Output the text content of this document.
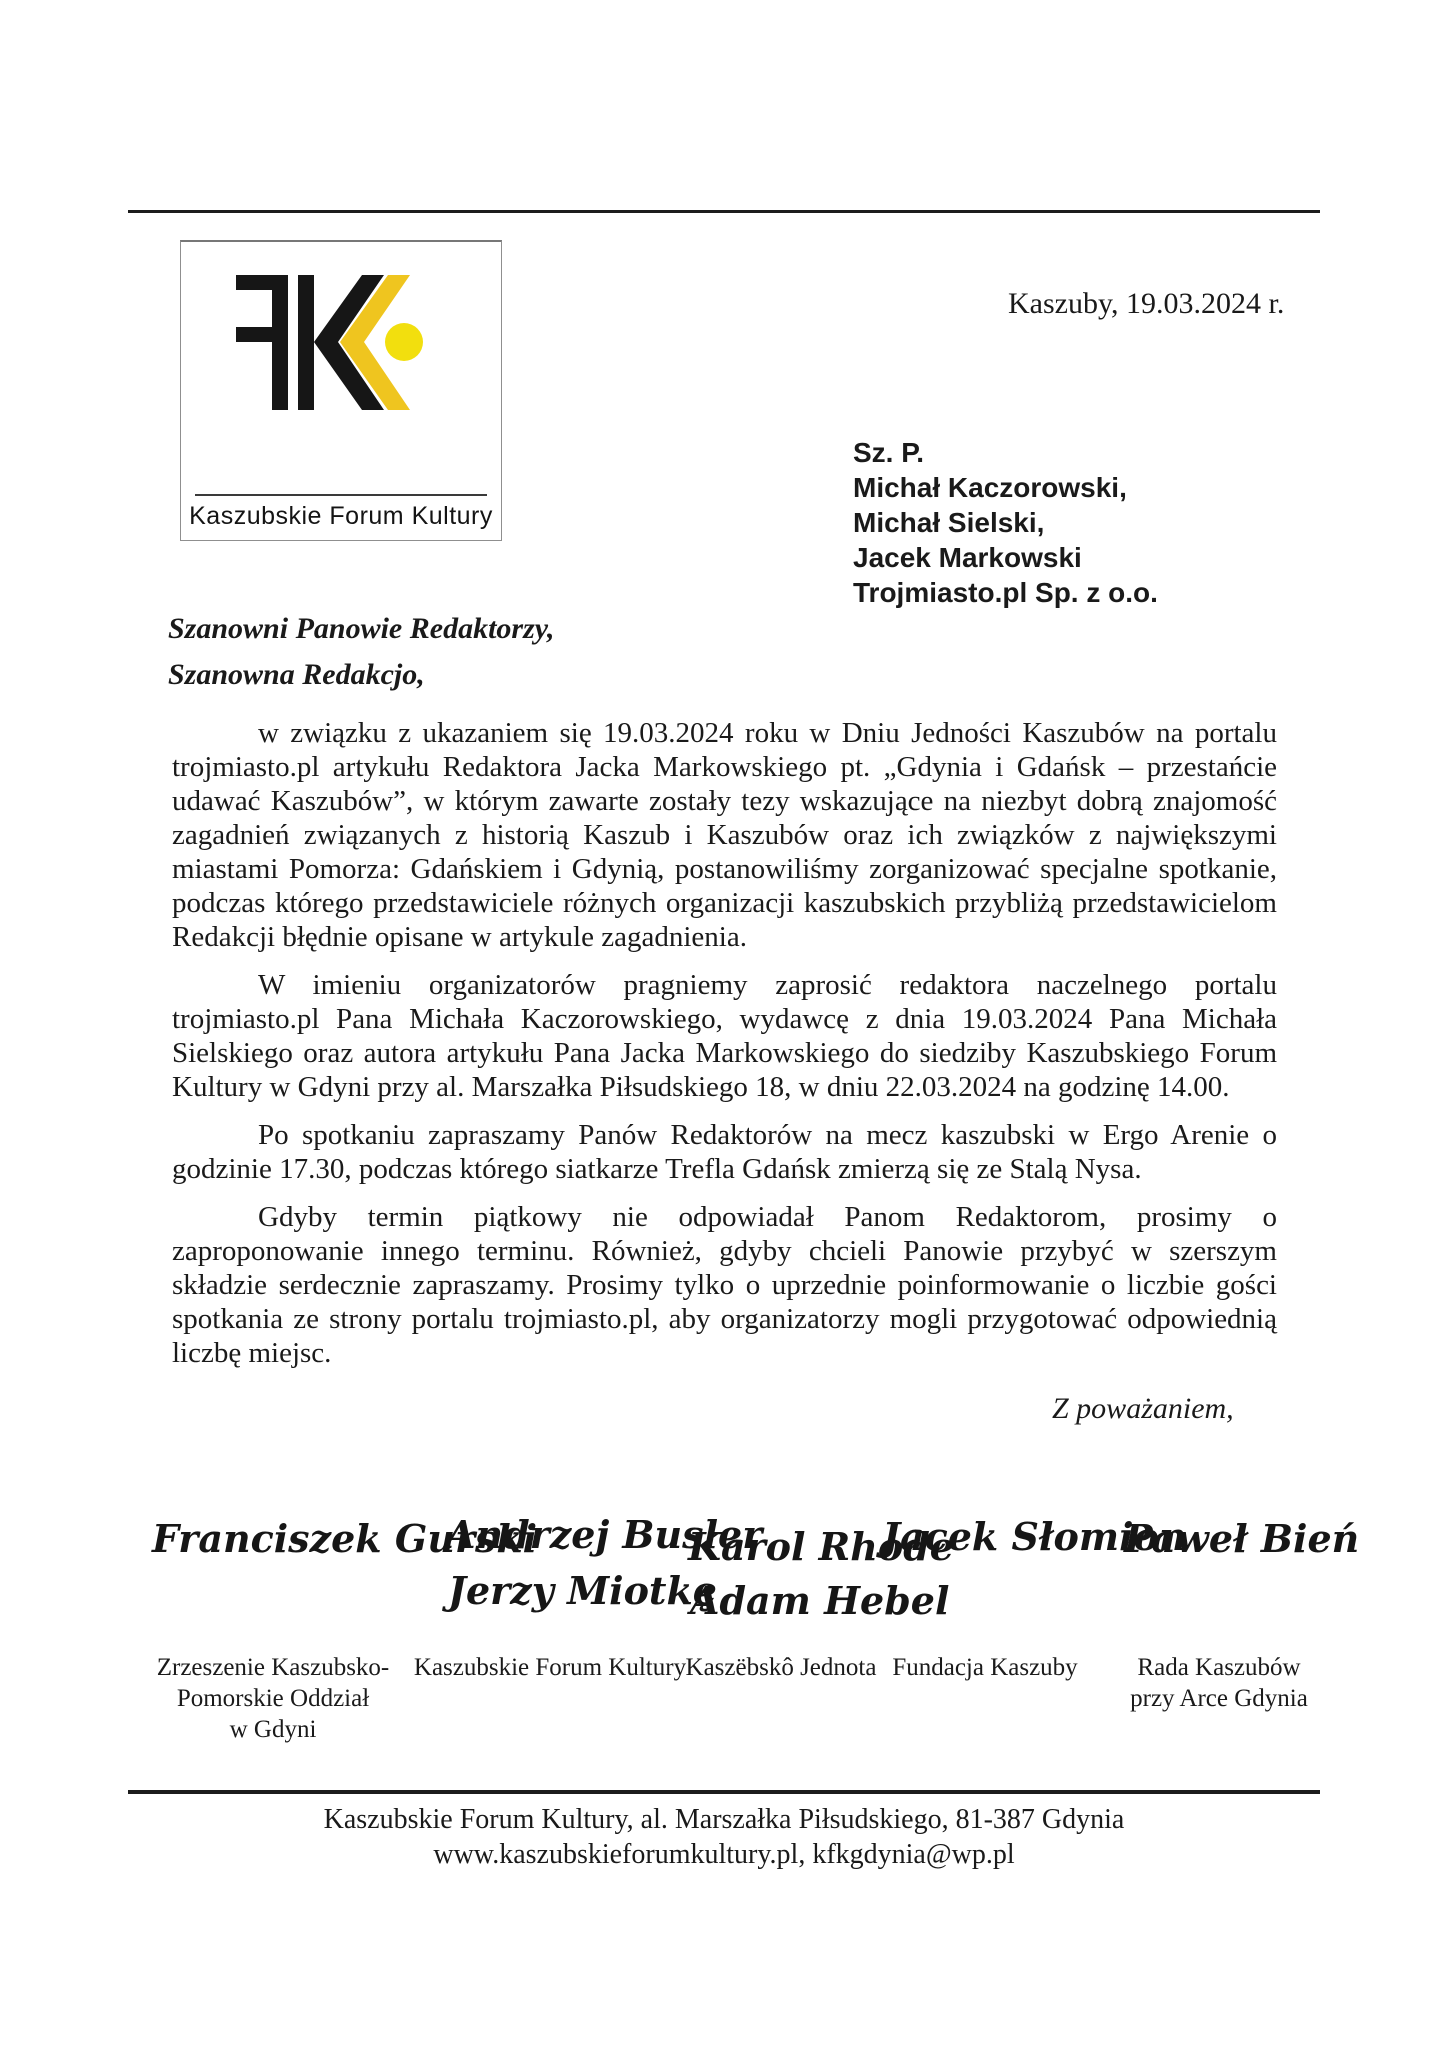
Kaszubskie Forum Kultury
Kaszuby, 19.03.2024 r.
Sz. P.
Michał Kaczorowski,
Michał Sielski,
Jacek Markowski
Trojmiasto.pl Sp. z o.o.
Szanowni Panowie Redaktorzy,
Szanowna Redakcjo,

w związku z ukazaniem się 19.03.2024 roku w Dniu Jedności Kaszubów na portalu trojmiasto.pl artykułu Redaktora Jacka Markowskiego pt. „Gdynia i Gdańsk – przestańcie udawać Kaszubów”, w którym zawarte zostały tezy wskazujące na niezbyt dobrą znajomość zagadnień związanych z historią Kaszub i Kaszubów oraz ich związków z największymi miastami Pomorza: Gdańskiem i Gdynią, postanowiliśmy zorganizować specjalne spotkanie, podczas którego przedstawiciele różnych organizacji kaszubskich przybliżą przedstawicielom Redakcji błędnie opisane w artykule zagadnienia.

W imieniu organizatorów pragniemy zaprosić redaktora naczelnego portalu trojmiasto.pl Pana Michała Kaczorowskiego, wydawcę z dnia 19.03.2024 Pana Michała Sielskiego oraz autora artykułu Pana Jacka Markowskiego do siedziby Kaszubskiego Forum Kultury w Gdyni przy al. Marszałka Piłsudskiego 18, w dniu 22.03.2024 na godzinę 14.00.

Po spotkaniu zapraszamy Panów Redaktorów na mecz kaszubski w Ergo Arenie o godzinie 17.30, podczas którego siatkarze Trefla Gdańsk zmierzą się ze Stalą Nysa.

Gdyby termin piątkowy nie odpowiadał Panom Redaktorom, prosimy o zaproponowanie innego terminu. Również, gdyby chcieli Panowie przybyć w szerszym składzie serdecznie zapraszamy. Prosimy tylko o uprzednie poinformowanie o liczbie gości spotkania ze strony portalu trojmiasto.pl, aby organizatorzy mogli przygotować odpowiednią liczbę miejsc.

Z poważaniem,
Franciszek Gurski
Andrzej Busler
Jerzy Miotkę
Karol Rhode
Adam Hebel
Jacek Słomion
Paweł Bień
Zrzeszenie Kaszubsko-
Pomorskie Oddział
w Gdyni
Kaszubskie Forum Kultury Kaszëbskô Jednota Fundacja Kaszuby	Rada Kaszubów
przy Arce Gdynia
Kaszubskie Forum Kultury, al. Marszałka Piłsudskiego, 81-387 Gdynia
www.kaszubskieforumkultury.pl, kfkgdynia@wp.pl
